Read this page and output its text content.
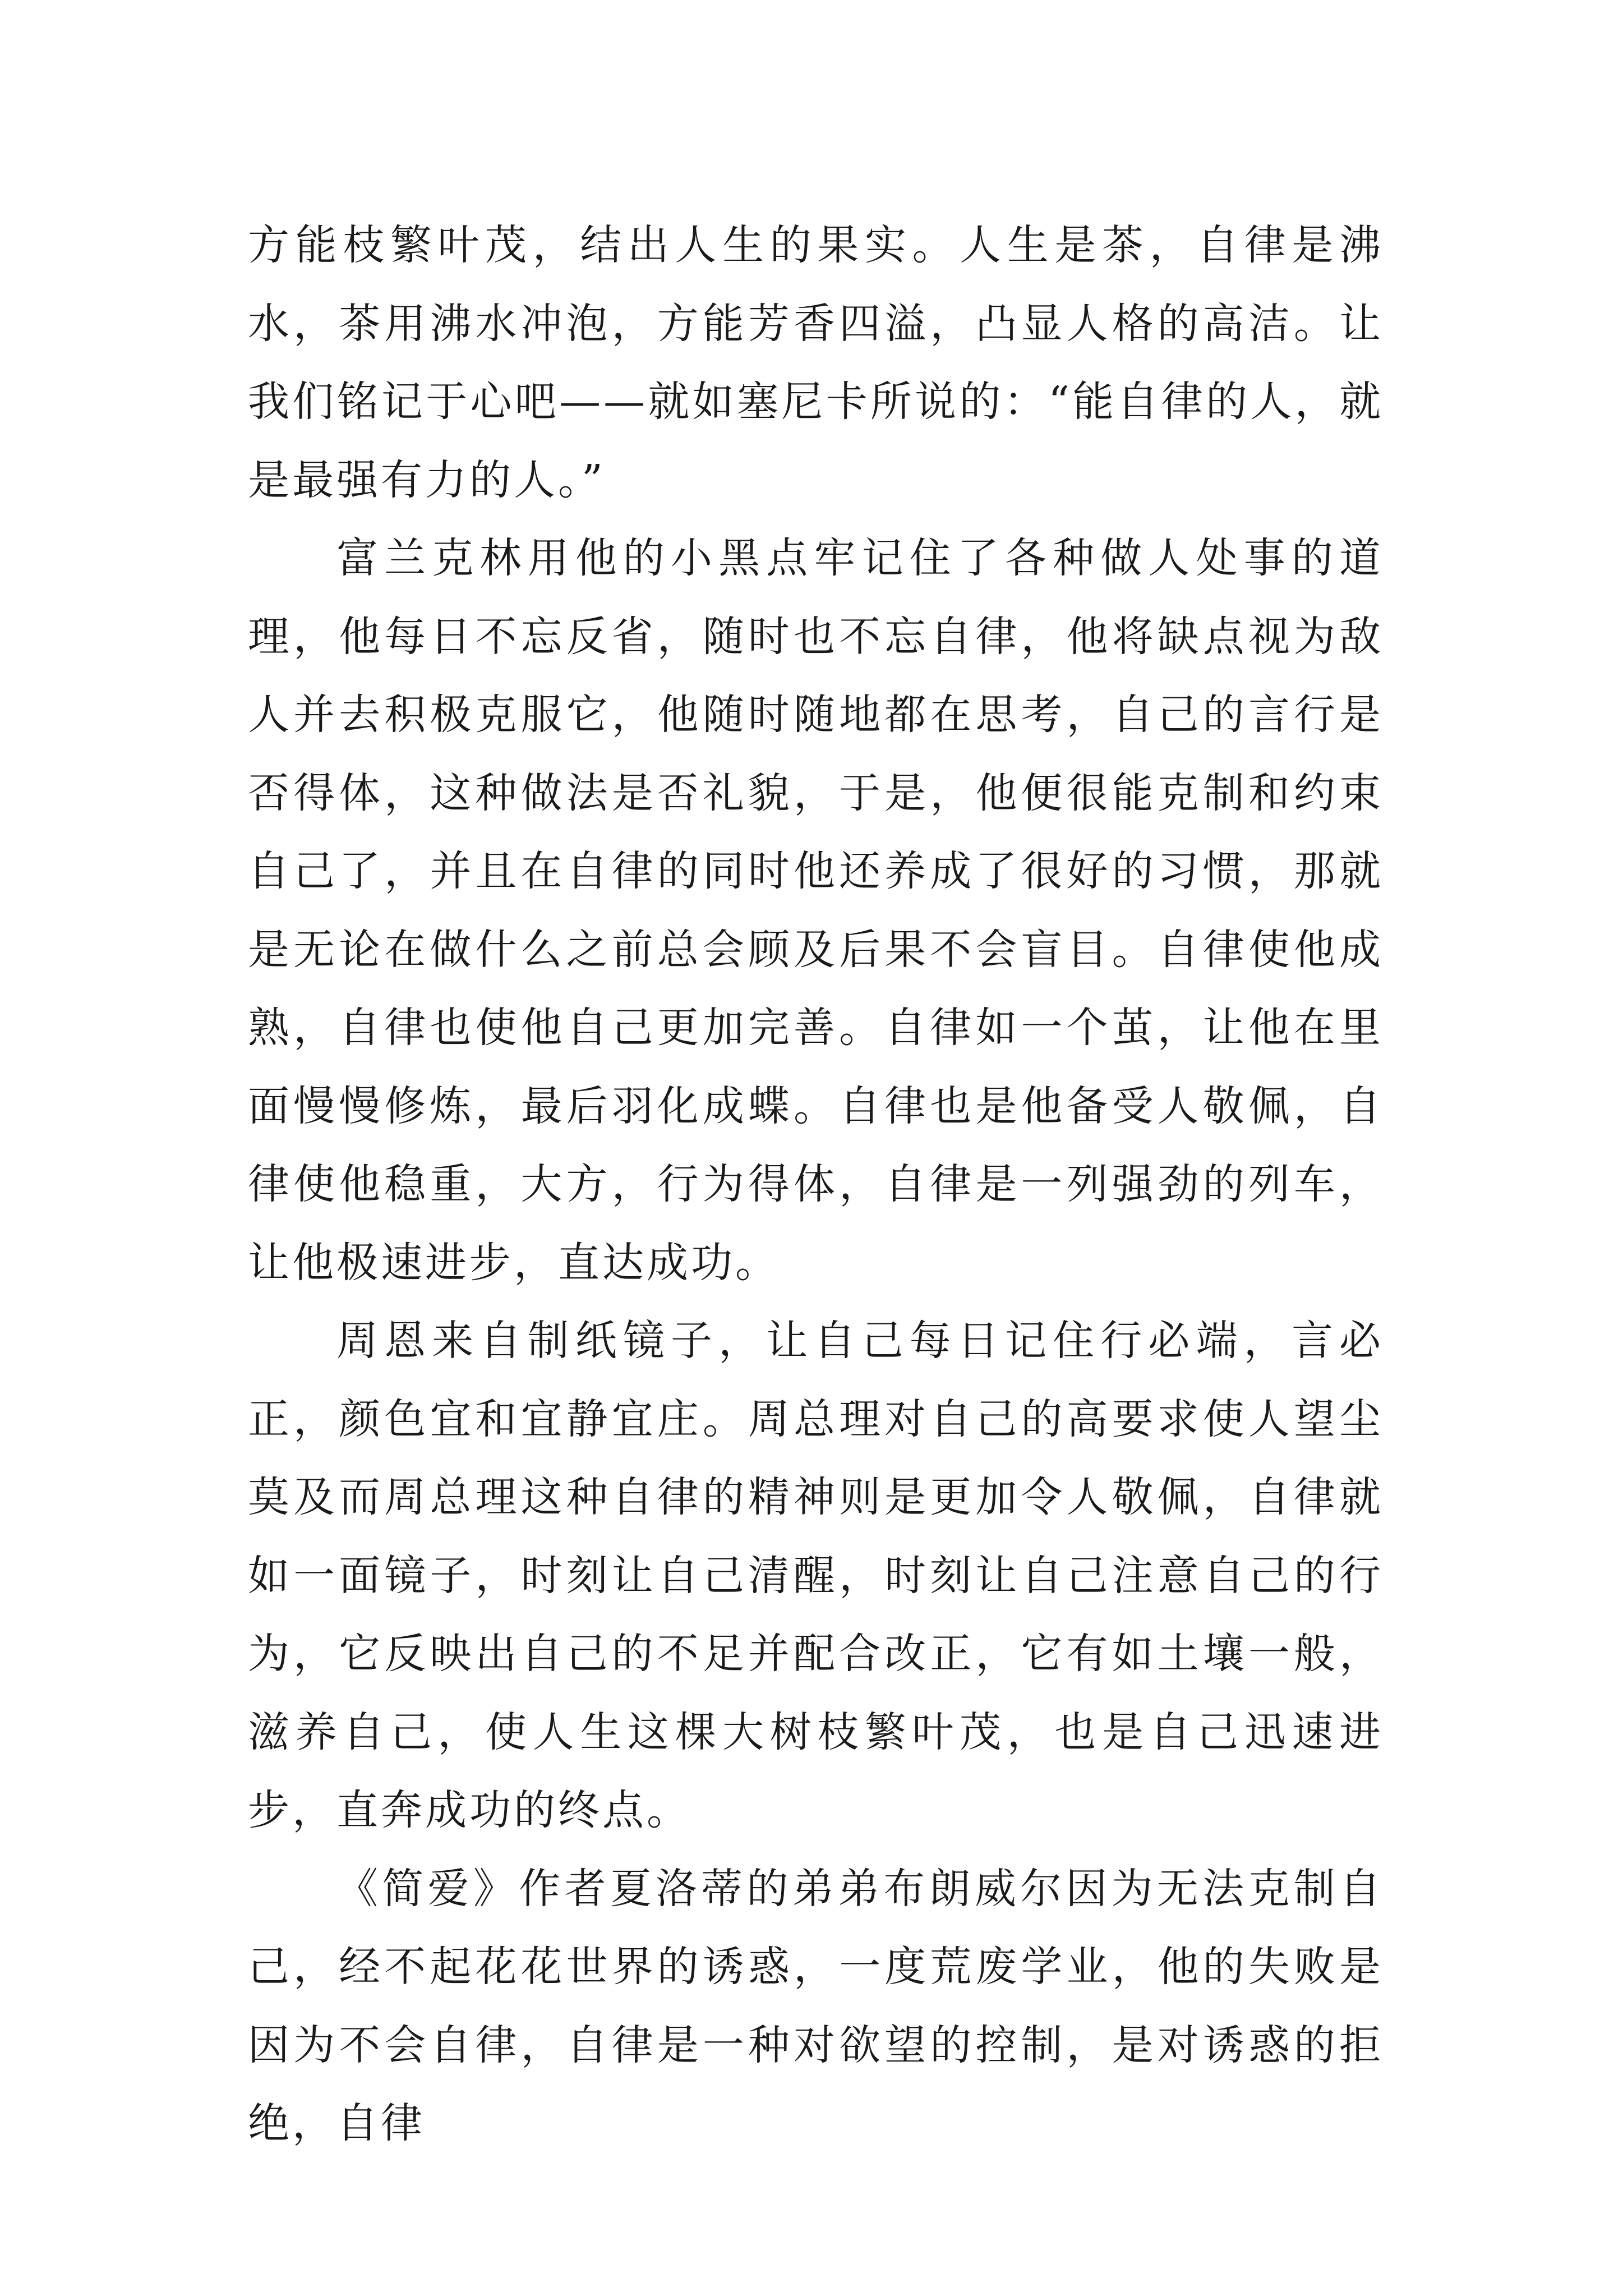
方能枝繁叶茂，结出人生的果实。人生是茶，自律是沸水，茶用沸水冲泡，方能芳香四溢，凸显人格的高洁。让我们铭记于心吧——就如塞尼卡所说的：“能自律的人，就是最强有力的人。”

富兰克林用他的小黑点牢记住了各种做人处事的道理，他每日不忘反省，随时也不忘自律，他将缺点视为敌人并去积极克服它，他随时随地都在思考，自己的言行是否得体，这种做法是否礼貌，于是，他便很能克制和约束自己了，并且在自律的同时他还养成了很好的习惯，那就是无论在做什么之前总会顾及后果不会盲目。自律使他成熟，自律也使他自己更加完善。自律如一个茧，让他在里面慢慢修炼，最后羽化成蝶。自律也是他备受人敬佩，自律使他稳重，大方，行为得体，自律是一列强劲的列车，让他极速进步，直达成功。

周恩来自制纸镜子，让自己每日记住行必端，言必正，颜色宜和宜静宜庄。周总理对自己的高要求使人望尘莫及而周总理这种自律的精神则是更加令人敬佩，自律就如一面镜子，时刻让自己清醒，时刻让自己注意自己的行为，它反映出自己的不足并配合改正，它有如土壤一般，滋养自己，使人生这棵大树枝繁叶茂，也是自己迅速进步，直奔成功的终点。

《简爱》作者夏洛蒂的弟弟布朗威尔因为无法克制自己，经不起花花世界的诱惑，一度荒废学业，他的失败是因为不会自律，自律是一种对欲望的控制，是对诱惑的拒绝，自律
